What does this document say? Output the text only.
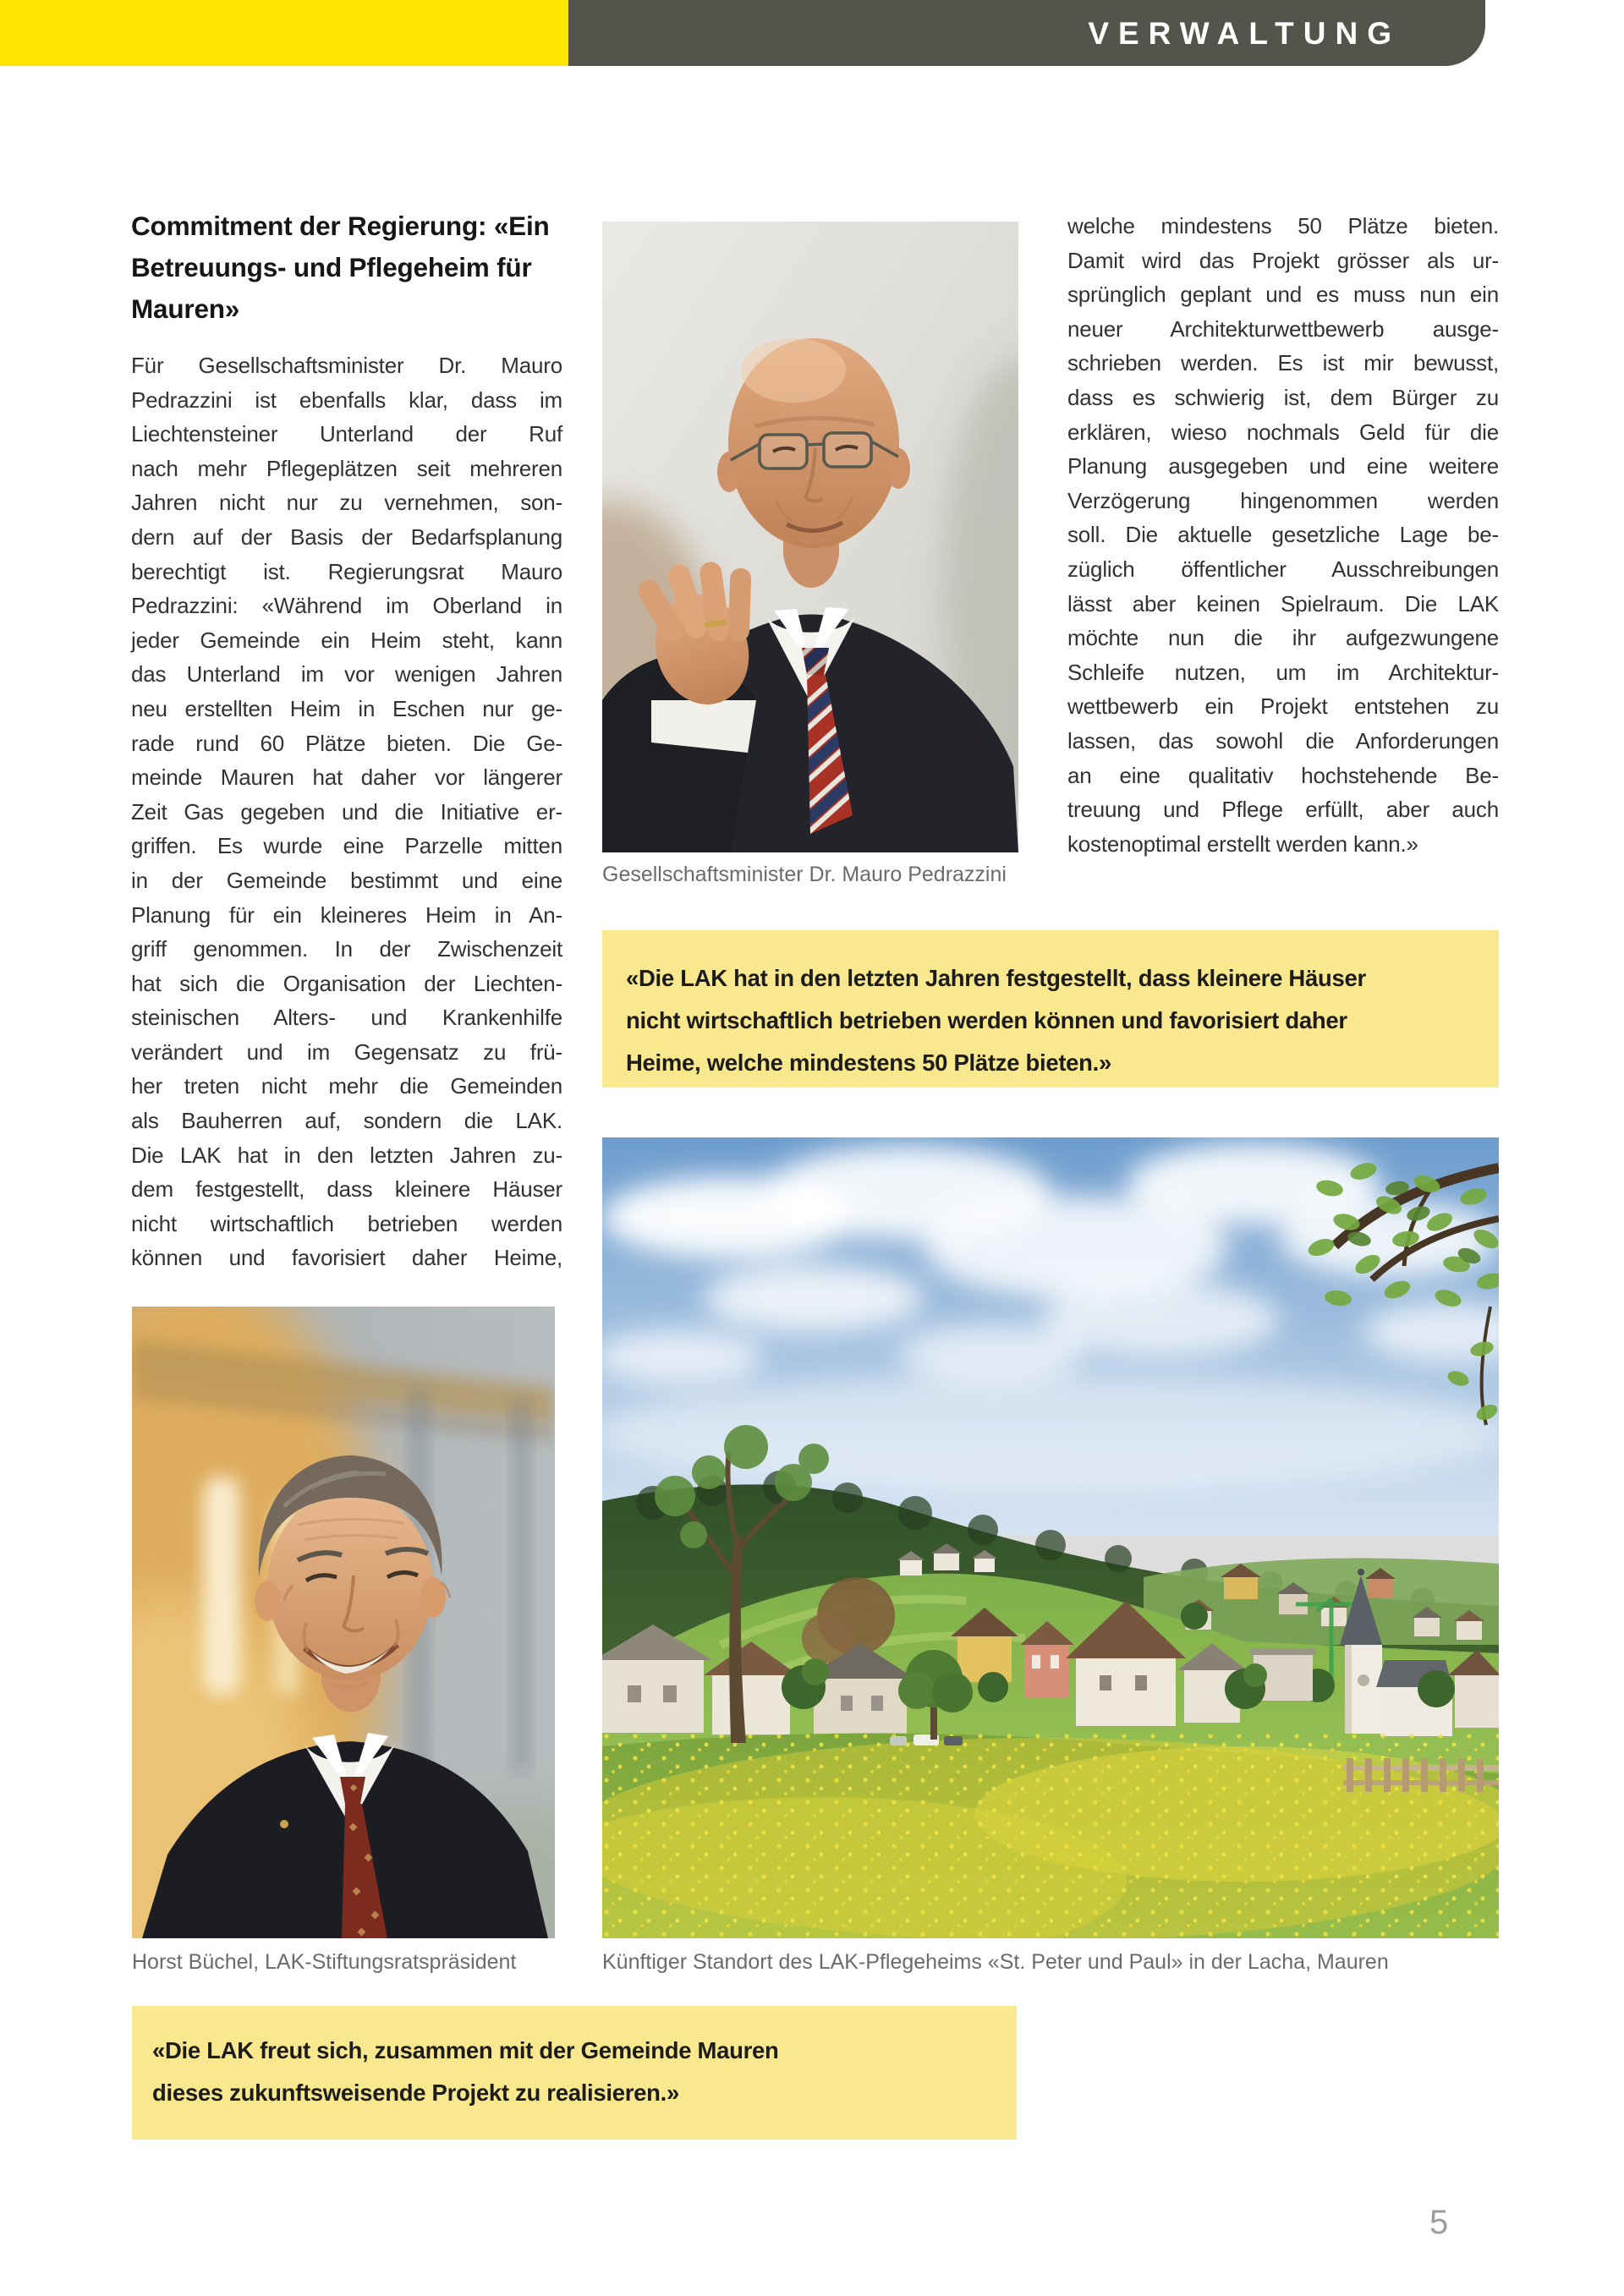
VERWALTUNG
Commitment der Regierung: «Ein
Betreuungs- und Pflegeheim für
Mauren»
Für Gesellschaftsminister Dr. Mauro
Pedrazzini ist ebenfalls klar, dass im
Liechtensteiner Unterland der Ruf
nach mehr Pflegeplätzen seit mehreren
Jahren nicht nur zu vernehmen, son-
dern auf der Basis der Bedarfsplanung
berechtigt ist. Regierungsrat Mauro
Pedrazzini: «Während im Oberland in
jeder Gemeinde ein Heim steht, kann
das Unterland im vor wenigen Jahren
neu erstellten Heim in Eschen nur ge-
rade rund 60 Plätze bieten. Die Ge-
meinde Mauren hat daher vor längerer
Zeit Gas gegeben und die Initiative er-
griffen. Es wurde eine Parzelle mitten
in der Gemeinde bestimmt und eine
Planung für ein kleineres Heim in An-
griff genommen. In der Zwischenzeit
hat sich die Organisation der Liechten-
steinischen Alters- und Krankenhilfe
verändert und im Gegensatz zu frü-
her treten nicht mehr die Gemeinden
als Bauherren auf, sondern die LAK.
Die LAK hat in den letzten Jahren zu-
dem festgestellt, dass kleinere Häuser
nicht wirtschaftlich betrieben werden
können und favorisiert daher Heime,
welche mindestens 50 Plätze bieten.
Damit wird das Projekt grösser als ur-
sprünglich geplant und es muss nun ein
neuer Architekturwettbewerb ausge-
schrieben werden. Es ist mir bewusst,
dass es schwierig ist, dem Bürger zu
erklären, wieso nochmals Geld für die
Planung ausgegeben und eine weitere
Verzögerung hingenommen werden
soll. Die aktuelle gesetzliche Lage be-
züglich öffentlicher Ausschreibungen
lässt aber keinen Spielraum. Die LAK
möchte nun die ihr aufgezwungene
Schleife nutzen, um im Architektur-
wettbewerb ein Projekt entstehen zu
lassen, das sowohl die Anforderungen
an eine qualitativ hochstehende Be-
treuung und Pflege erfüllt, aber auch
kostenoptimal erstellt werden kann.»
Gesellschaftsminister Dr. Mauro Pedrazzini
«Die LAK hat in den letzten Jahren festgestellt, dass kleinere Häuser
nicht wirtschaftlich betrieben werden können und favorisiert daher
Heime, welche mindestens 50 Plätze bieten.»
Horst Büchel, LAK-Stiftungsratspräsident	Künftiger Standort des LAK-Pflegeheims «St. Peter und Paul» in der Lacha, Mauren
«Die LAK freut sich, zusammen mit der Gemeinde Mauren
dieses zukunftsweisende Projekt zu realisieren.»
5
